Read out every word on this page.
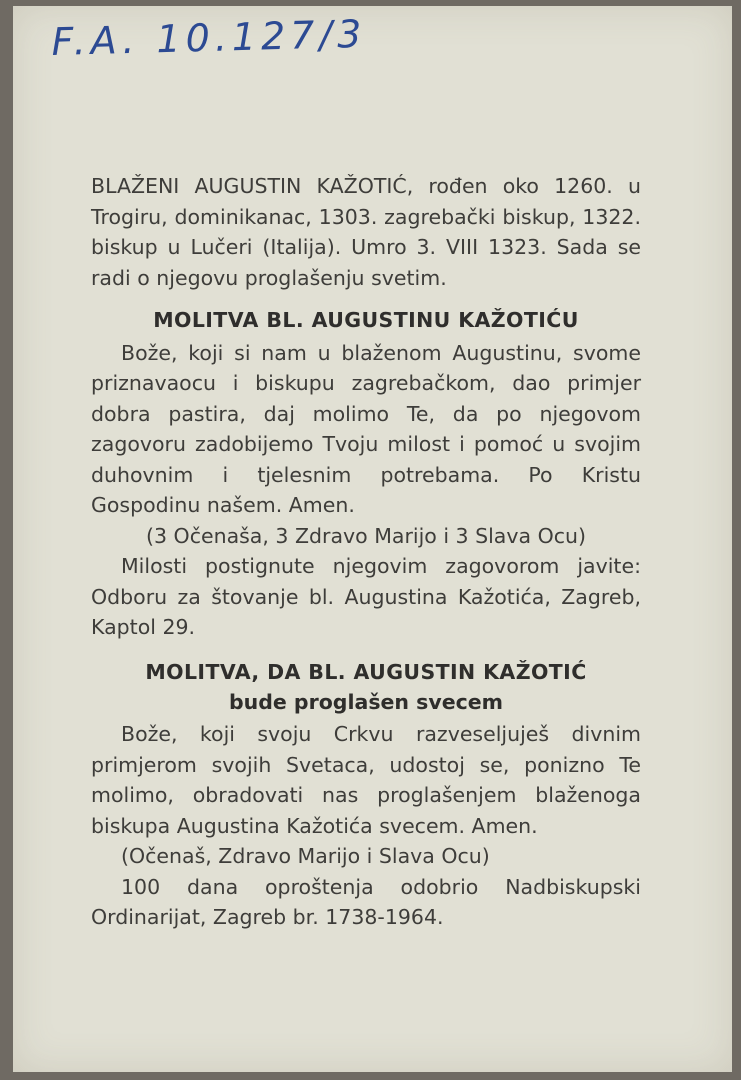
F.A. 10.127/3

BLAŽENI AUGUSTIN KAŽOTIĆ, rođen oko 1260. u Trogiru, dominikanac, 1303. zagrebački biskup, 1322. biskup u Lučeri (Italija). Umro 3. VIII 1323. Sada se radi o njegovu proglašenju svetim.

MOLITVA BL. AUGUSTINU KAŽOTIĆU

Bože, koji si nam u blaženom Augustinu, svome priznavaocu i biskupu zagrebačkom, dao primjer dobra pastira, daj molimo Te, da po njegovom zagovoru zadobijemo Tvoju milost i pomoć u svojim duhovnim i tjelesnim potrebama. Po Kristu Gospodinu našem. Amen.

(3 Očenaša, 3 Zdravo Marijo i 3 Slava Ocu)

Milosti postignute njegovim zagovorom javite: Odboru za štovanje bl. Augustina Kažotića, Zagreb, Kaptol 29.

MOLITVA, DA BL. AUGUSTIN KAŽOTIĆ
bude proglašen svecem

Bože, koji svoju Crkvu razveseljuješ divnim primjerom svojih Svetaca, udostoj se, ponizno Te molimo, obradovati nas proglašenjem blaženoga biskupa Augustina Kažotića svecem. Amen.

(Očenaš, Zdravo Marijo i Slava Ocu)

100 dana oproštenja odobrio Nadbiskupski Ordinarijat, Zagreb br. 1738-1964.
